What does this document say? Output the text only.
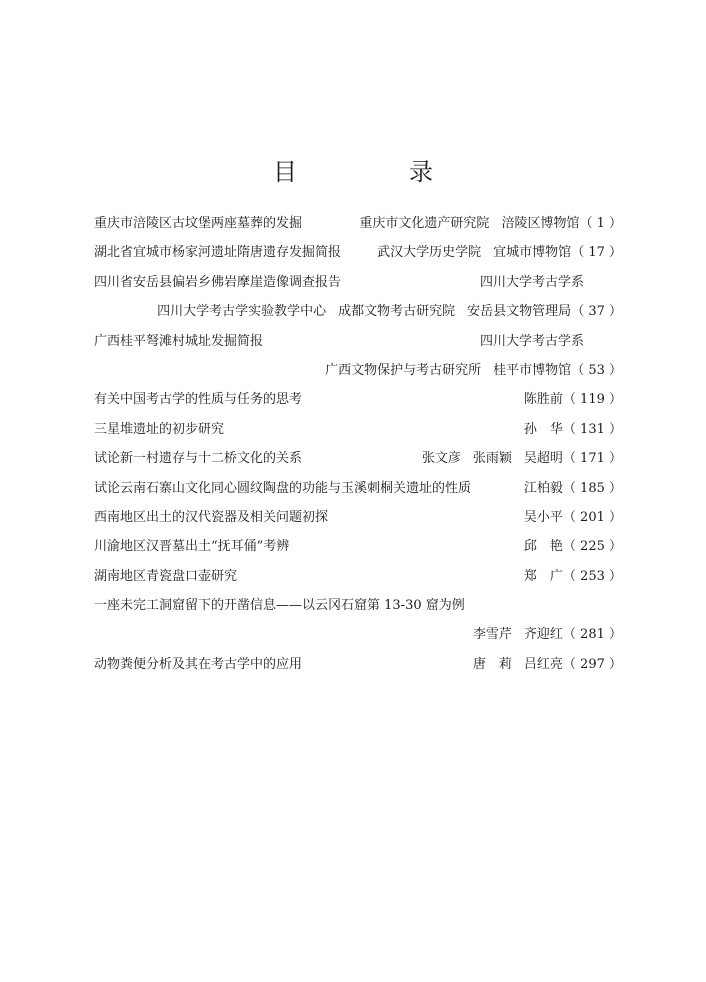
目　录
重庆市涪陵区古坟堡两座墓葬的发掘	重庆市文化遗产研究院 涪陵区博物馆 （ 1 ）
湖北省宜城市杨家河遗址隋唐遗存发掘简报	武汉大学历史学院 宜城市博物馆 （ 17 ）
四川省安岳县偏岩乡佛岩摩崖造像调查报告	四川大学考古学系
四川大学考古学实验教学中心 成都文物考古研究院 安岳县文物管理局 （ 37 ）
广西桂平弩滩村城址发掘简报	四川大学考古学系
广西文物保护与考古研究所 桂平市博物馆 （ 53 ）
有关中国考古学的性质与任务的思考	陈胜前 （ 119 ）
三星堆遗址的初步研究	孙　华 （ 131 ）
试论新一村遗存与十二桥文化的关系	张文彦 张雨颖 吴超明 （ 171 ）
试论云南石寨山文化同心圆纹陶盘的功能与玉溪刺桐关遗址的性质	江柏毅 （ 185 ）
西南地区出土的汉代瓷器及相关问题初探	吴小平 （ 201 ）
川渝地区汉晋墓出土“抚耳俑”考辨	邱　艳 （ 225 ）
湖南地区青瓷盘口壶研究	郑　广 （ 253 ）
一座未完工洞窟留下的开凿信息——以云冈石窟第 13-30 窟为例
李雪芹 齐迎红 （ 281 ）
动物粪便分析及其在考古学中的应用	唐　莉 吕红亮 （ 297 ）
